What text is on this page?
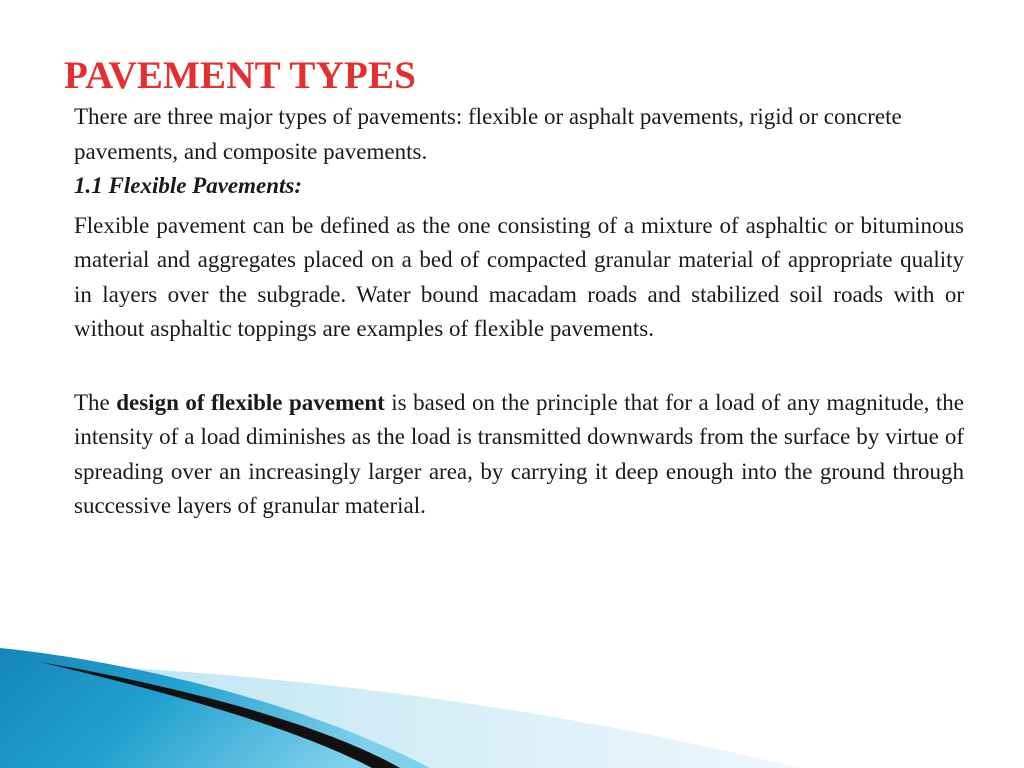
PAVEMENT TYPES

There are three major types of pavements: flexible or asphalt pavements, rigid or concrete pavements, and composite pavements.

1.1 Flexible Pavements:

Flexible pavement can be defined as the one consisting of a mixture of asphaltic or bituminous material and aggregates placed on a bed of compacted granular material of appropriate quality in layers over the subgrade. Water bound macadam roads and stabilized soil roads with or without asphaltic toppings are examples of flexible pavements.

The design of flexible pavement is based on the principle that for a load of any magnitude, the intensity of a load diminishes as the load is transmitted downwards from the surface by virtue of spreading over an increasingly larger area, by carrying it deep enough into the ground through successive layers of granular material.
